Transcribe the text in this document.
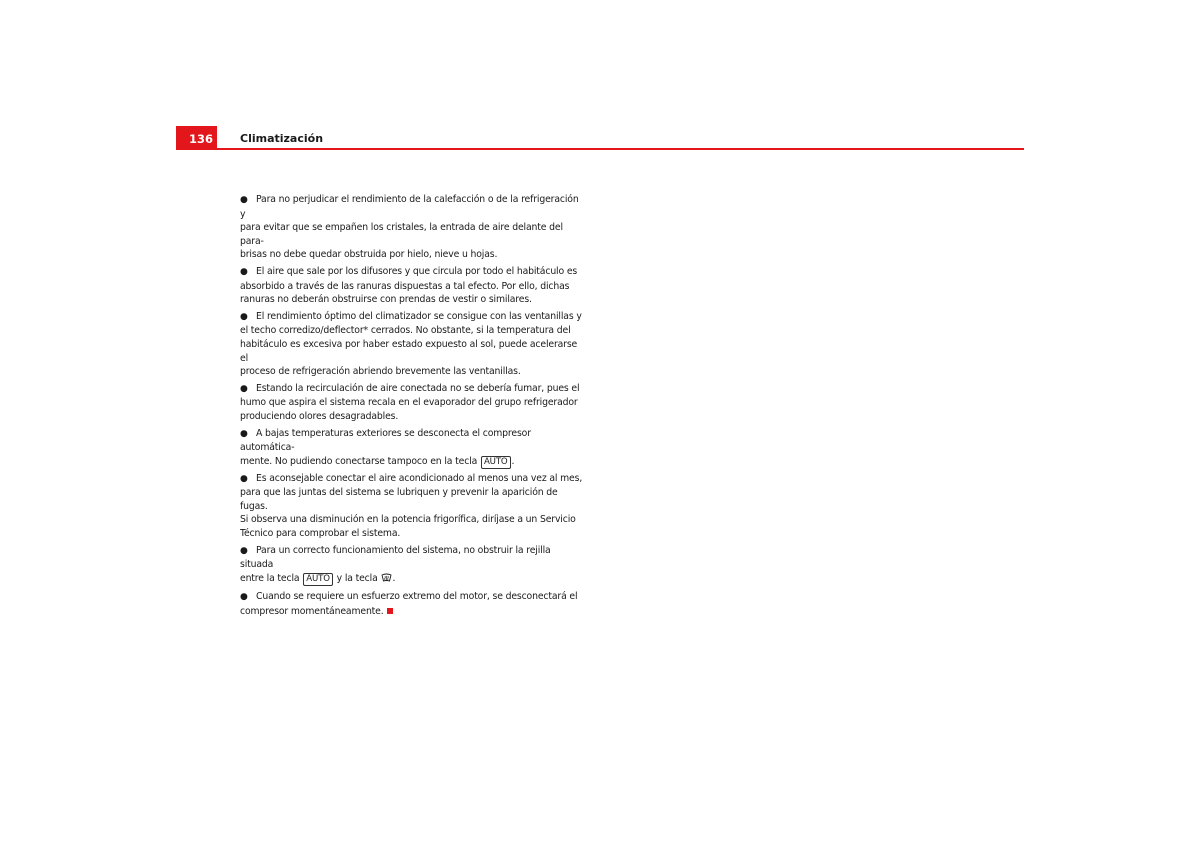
136	Climatización

● Para no perjudicar el rendimiento de la calefacción o de la refrigeración y
para evitar que se empañen los cristales, la entrada de aire delante del para-
brisas no debe quedar obstruida por hielo, nieve u hojas.

● El aire que sale por los difusores y que circula por todo el habitáculo es
absorbido a través de las ranuras dispuestas a tal efecto. Por ello, dichas
ranuras no deberán obstruirse con prendas de vestir o similares.

● El rendimiento óptimo del climatizador se consigue con las ventanillas y
el techo corredizo/deflector* cerrados. No obstante, si la temperatura del
habitáculo es excesiva por haber estado expuesto al sol, puede acelerarse el
proceso de refrigeración abriendo brevemente las ventanillas.

● Estando la recirculación de aire conectada no se debería fumar, pues el
humo que aspira el sistema recala en el evaporador del grupo refrigerador
produciendo olores desagradables.

● A bajas temperaturas exteriores se desconecta el compresor automática-
mente. No pudiendo conectarse tampoco en la tecla AUTO .

● Es aconsejable conectar el aire acondicionado al menos una vez al mes,
para que las juntas del sistema se lubriquen y prevenir la aparición de fugas.
Si observa una disminución en la potencia frigorífica, diríjase a un Servicio
Técnico para comprobar el sistema.

● Para un correcto funcionamiento del sistema, no obstruir la rejilla situada
entre la tecla AUTO y la tecla .

● Cuando se requiere un esfuerzo extremo del motor, se desconectará el
compresor momentáneamente.
